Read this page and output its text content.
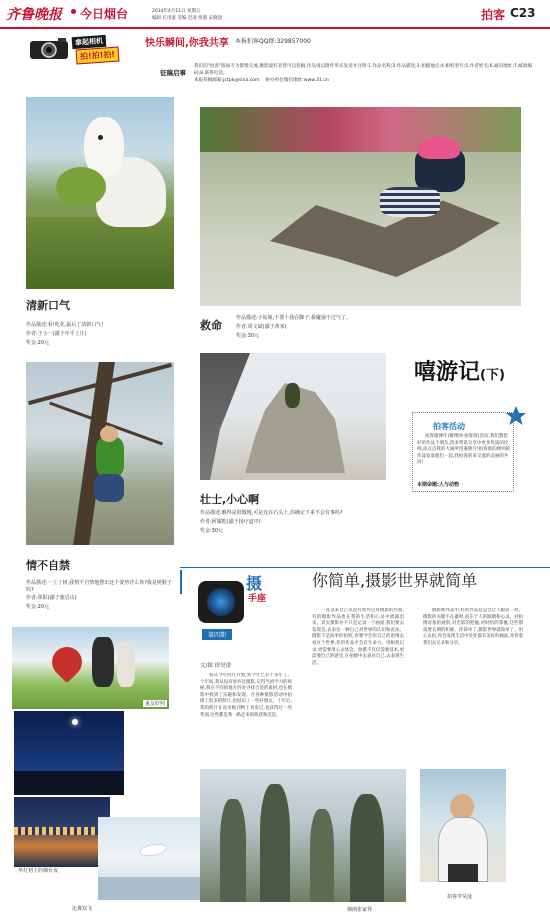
齐鲁晚报 今日烟台	2014年4月11日 星期五
编辑 孔用童 美编 迟凌 组版 宋晓晨	拍客 C23
拿起相机
拍!拍!拍!
快乐瞬间,你我共享 本报拍客QQ群:329857000
征稿启事
我们的"拍客"版面专为影像交流,摄影爱好者皆可以投稿,作品请以附件形式发送并注明:1.作品名称;2.作品描述;3.拍摄地点;4.相机型号;5.作者姓名;6.通讯地址;7.邮政编码;8.联系电话。
本报投稿邮箱:jctpk@sina.com 协办单位微信地址:www.31.cn
清新口气
作品描述:看!吃花,最后了清新口气!
作者:王小一(鄙于年平上庄)
奖金:20元
救命
作品描述:小姑娘,不要十我在脚子,我魔强不过气了。
作者:周文斌(鄙于黄米)
奖金:30元
壮士,小心啊
作品描述:瞧得是很傲慢,可是这在石头上,你确定下来不会有事吗?
作者:阿耀乾(鄙于扬疗道中)
奖金:30元
情不自禁
作品描述:一上了树,我情不自禁地摆出这个姿势抒么你?我是树猴子吗?
作者:领阳(鄙于鹿岩山)
奖金:20元
嘻游记(下)
拍客活动
拍客微博住(微博网·拍客群)活动,我们想把好的作品个朋友,留多资讯分享中更多优质的比例,而点点我的大画所用兼照片!拍客新的规则的作品发发他们一起,我拍客的来交流的美丽的共同!
本期命题:人与动物
摄
手座
第四期
你简单,摄影世界就简单
文/图 徐昊淦
我从今年四月开始,到今年已有十多年了。十年间,我从没有放弃过摄影,记得当初学习的时候,我在不同的地方四处寻找合适的素材,也在摄影中找到了乐趣和发现。在各种摄影活动中拍摄了很多的照片,也结识了一些好朋友。十年后,我的照片在省市级刊物上刊发过,也获得过一些奖项,这些都是我一路走来的收获和沉淀。
一直以来自己从没有放弃过对摄影的热爱,有的摄影作品也在我的生活和心灵中流露出来。其实摄影并不只是记录一个画面,我们要去发现美,去表达一种自己对世界的认识和看法。摄影不是简单的拍照,你要学会用自己的思维去看这个世界,你的作品才会有生命力。用相机记录,更需要用心去体会。拍摄不仅仅需要技术,更需要自己的感受,在拍摄中去表达自己,去表现生活。
摄影师作品中,好的作品总是会让人眼前一亮。摄影的关键不在器材,而在于人的眼睛和心灵。对拍摄对象的观察,对光影的把握,对时机的掌握,这些都需要长期的积累。你简单了,摄影世界就简单了。用心去拍,你会发现生活中处处都有美好的画面,等待着我们去记录和分享。
童友好照
华灯初上的烟台夜
比翼双飞	烟雨张家界
拍客李昊淦
